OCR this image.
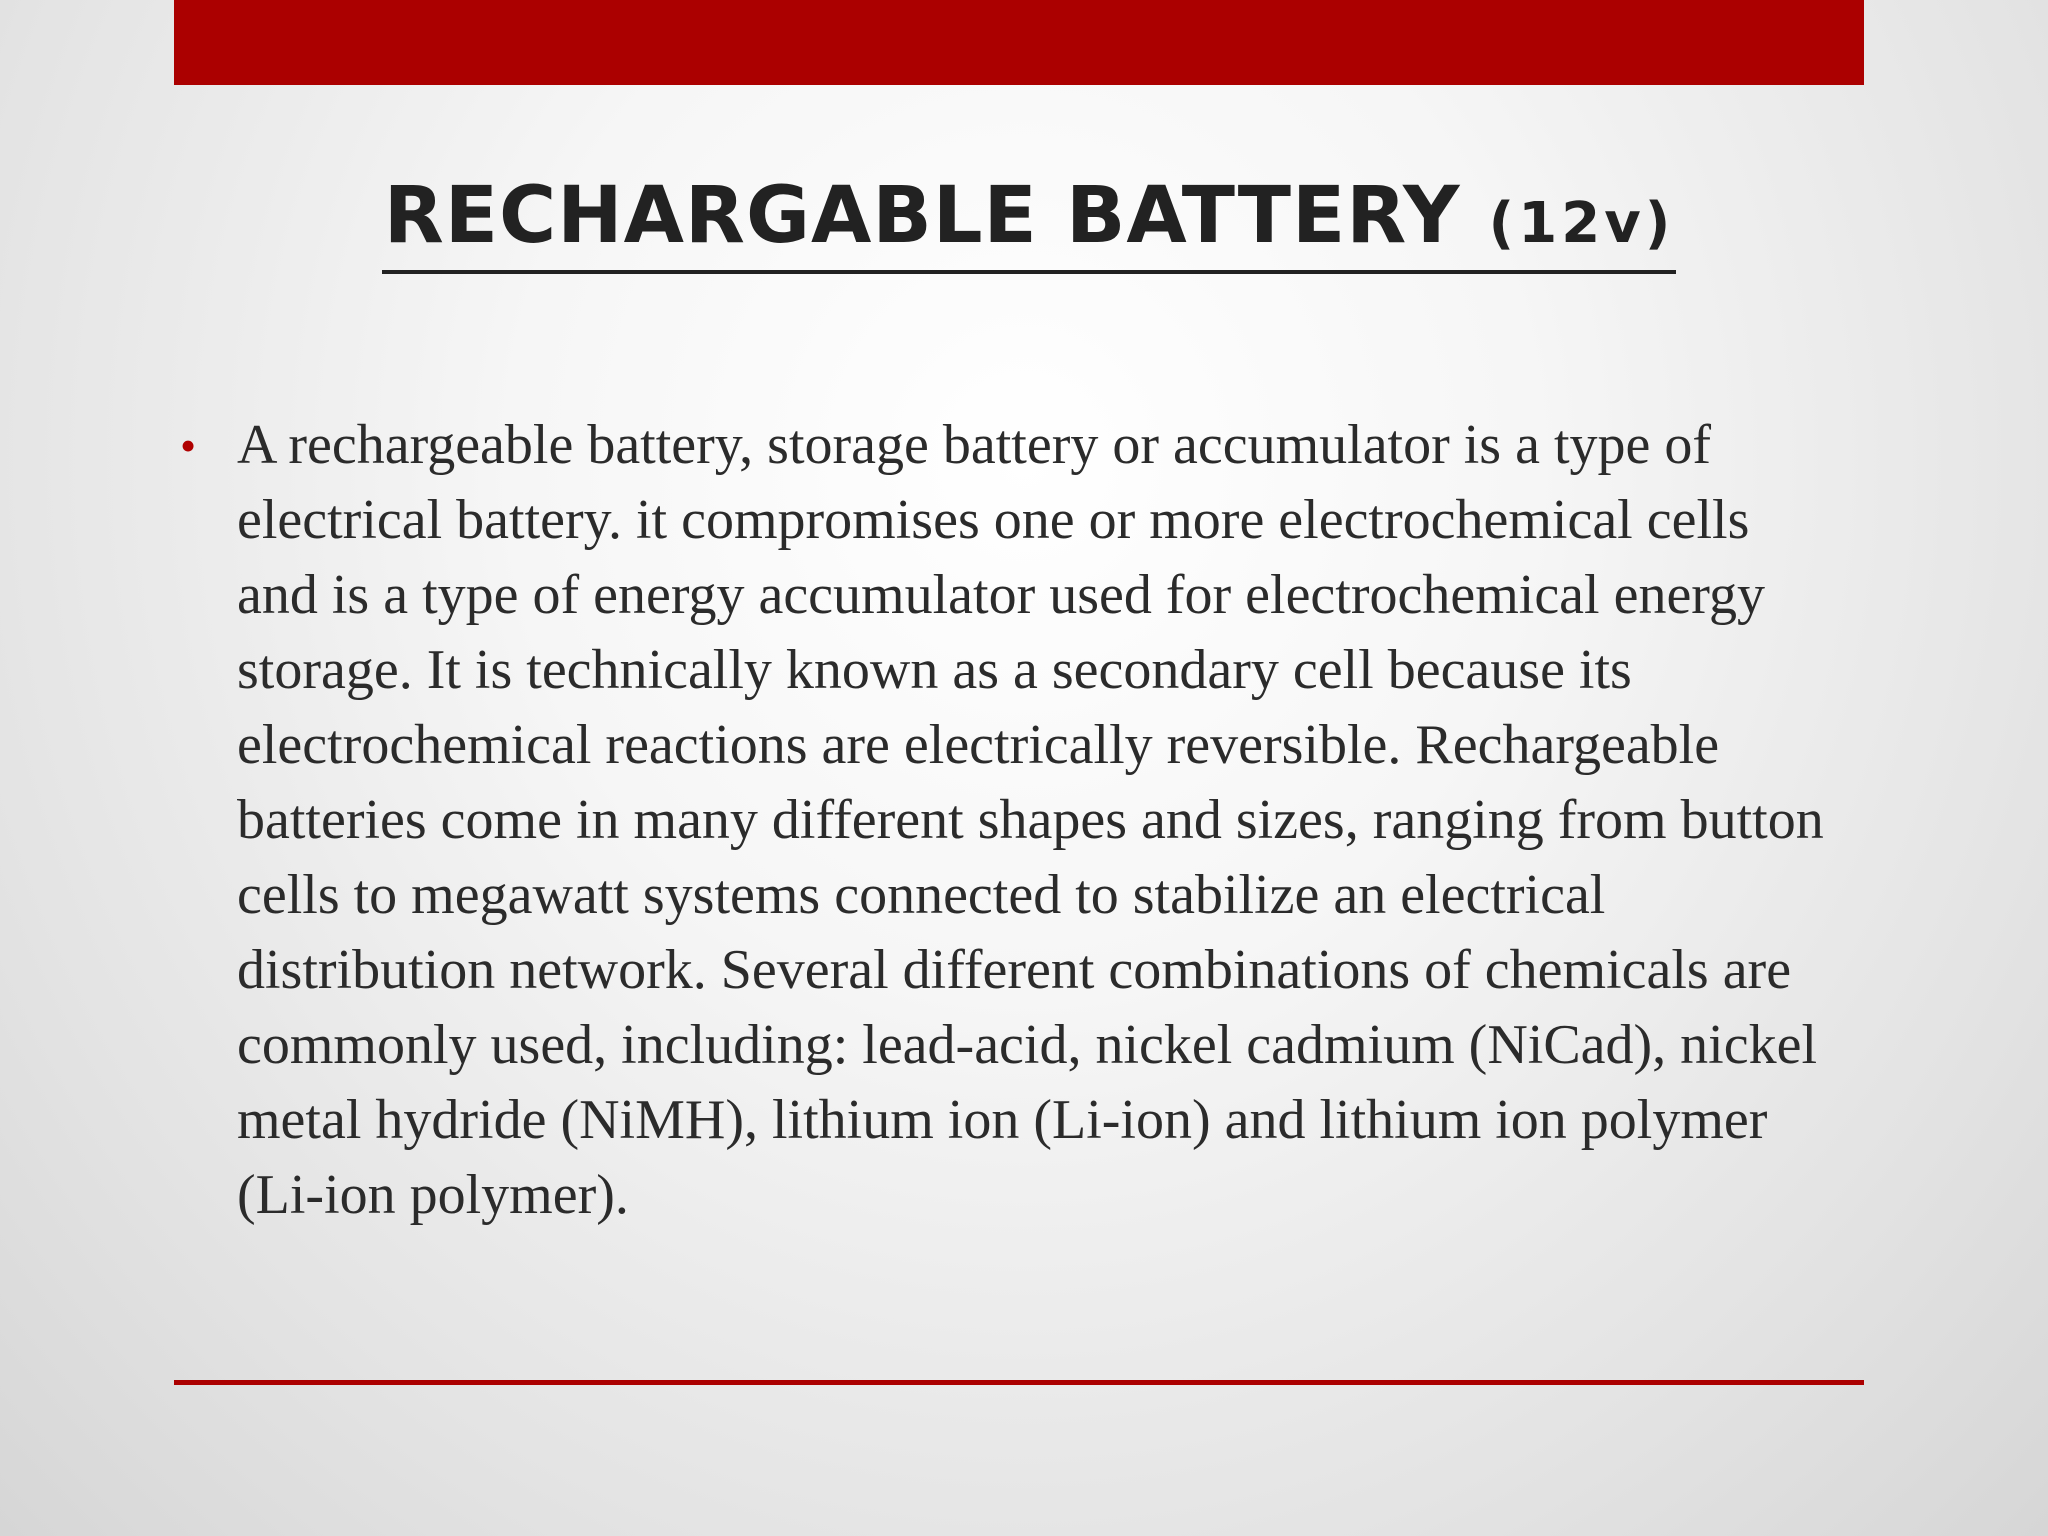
RECHARGABLE BATTERY (12v)
• A rechargeable battery, storage battery or accumulator is a type of electrical battery. it compromises one or more electrochemical cells and is a type of energy accumulator used for electrochemical energy storage. It is technically known as a secondary cell because its electrochemical reactions are electrically reversible. Rechargeable batteries come in many different shapes and sizes, ranging from button cells to megawatt systems connected to stabilize an electrical distribution network. Several different combinations of chemicals are commonly used, including: lead-acid, nickel cadmium (NiCad), nickel metal hydride (NiMH), lithium ion (Li-ion) and lithium ion polymer (Li-ion polymer).
